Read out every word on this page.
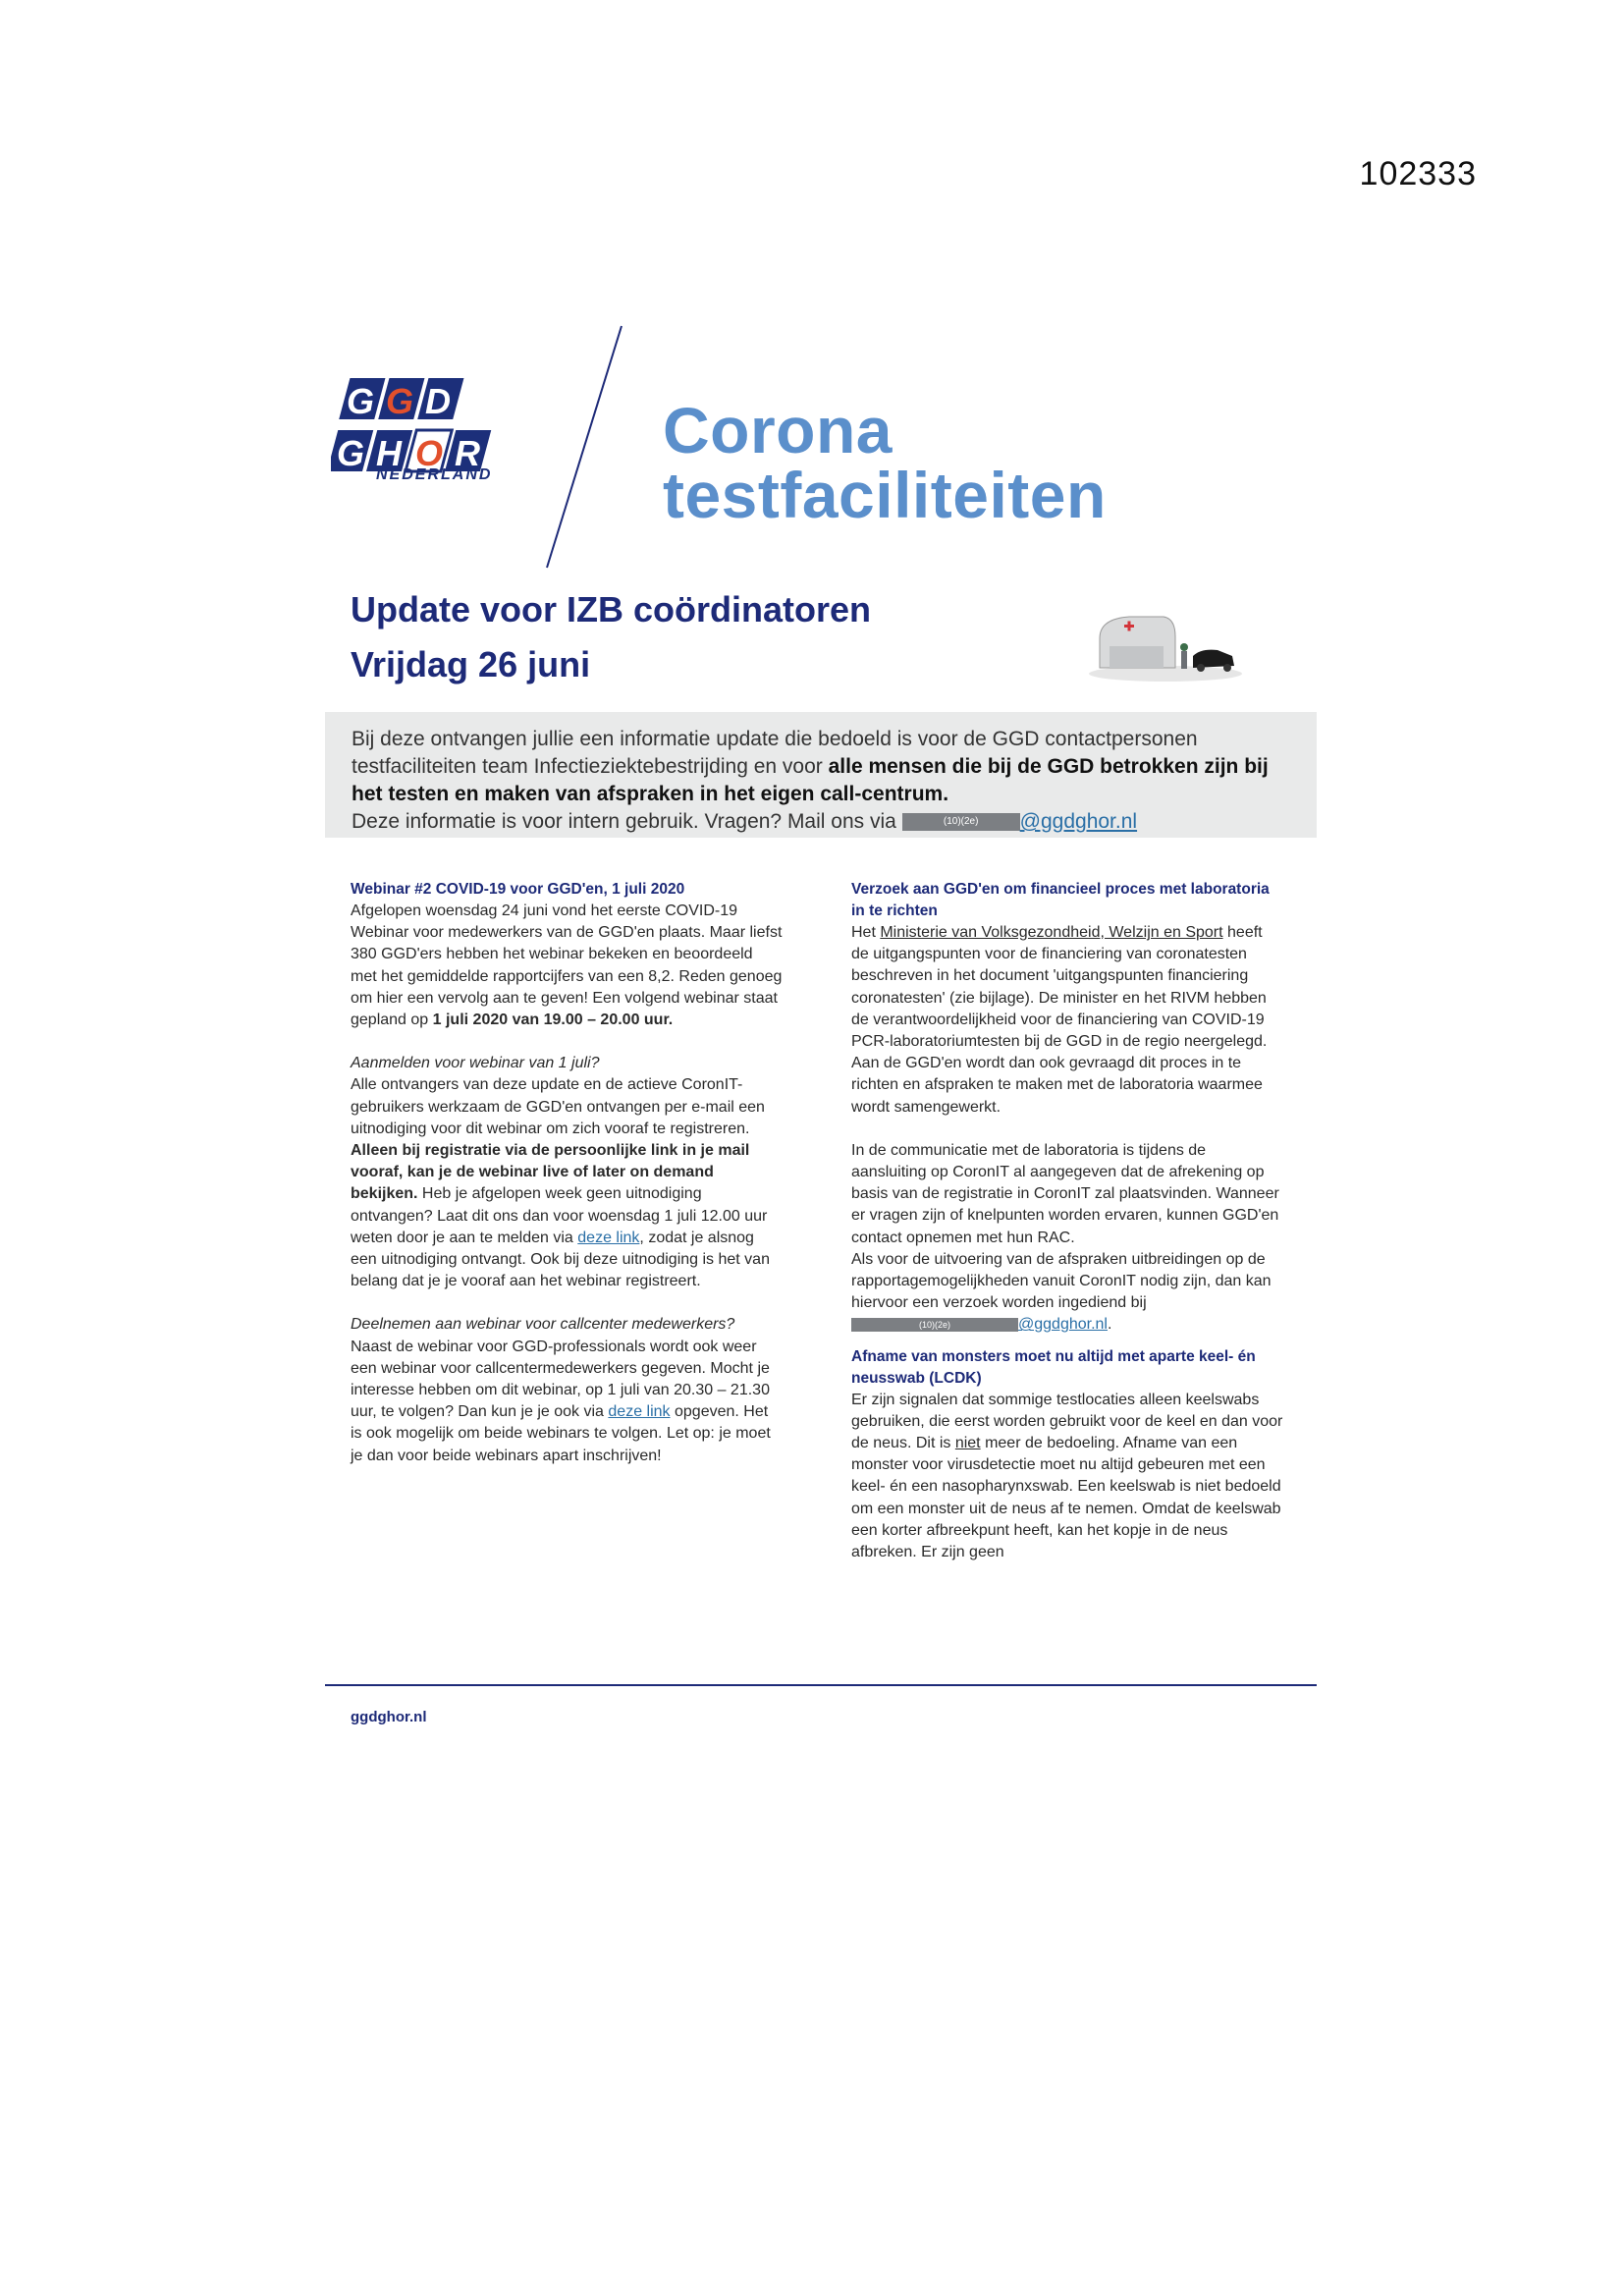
102333
G G D
G H O R
NEDERLAND
Corona
testfaciliteiten
Update voor IZB coördinatoren
Vrijdag 26 juni
Bij deze ontvangen jullie een informatie update die bedoeld is voor de GGD contactpersonen testfaciliteiten team Infectieziektebestrijding en voor alle mensen die bij de GGD betrokken zijn bij het testen en maken van afspraken in het eigen call-centrum.
Deze informatie is voor intern gebruik. Vragen? Mail ons via	(10)(2e) @ggdghor.nl
Webinar #2 COVID-19 voor GGD'en, 1 juli 2020

Afgelopen woensdag 24 juni vond het eerste COVID-19 Webinar voor medewerkers van de GGD'en plaats. Maar liefst 380 GGD'ers hebben het webinar bekeken en beoordeeld met het gemiddelde rapportcijfers van een 8,2. Reden genoeg om hier een vervolg aan te geven! Een volgend webinar staat gepland op 1 juli 2020 van 19.00 – 20.00 uur.

Aanmelden voor webinar van 1 juli?

Alle ontvangers van deze update en de actieve CoronIT-gebruikers werkzaam de GGD'en ontvangen per e-mail een uitnodiging voor dit webinar om zich vooraf te registreren. Alleen bij registratie via de persoonlijke link in je mail vooraf, kan je de webinar live of later on demand bekijken. Heb je afgelopen week geen uitnodiging ontvangen? Laat dit ons dan voor woensdag 1 juli 12.00 uur weten door je aan te melden via deze link, zodat je alsnog een uitnodiging ontvangt. Ook bij deze uitnodiging is het van belang dat je je vooraf aan het webinar registreert.

Deelnemen aan webinar voor callcenter medewerkers?

Naast de webinar voor GGD-professionals wordt ook weer een webinar voor callcentermedewerkers gegeven. Mocht je interesse hebben om dit webinar, op 1 juli van 20.30 – 21.30 uur, te volgen? Dan kun je je ook via deze link opgeven. Het is ook mogelijk om beide webinars te volgen. Let op: je moet je dan voor beide webinars apart inschrijven!

Verzoek aan GGD'en om financieel proces met laboratoria in te richten

Het Ministerie van Volksgezondheid, Welzijn en Sport heeft de uitgangspunten voor de financiering van coronatesten beschreven in het document 'uitgangspunten financiering coronatesten' (zie bijlage). De minister en het RIVM hebben de verantwoordelijkheid voor de financiering van COVID-19 PCR-laboratoriumtesten bij de GGD in de regio neergelegd. Aan de GGD'en wordt dan ook gevraagd dit proces in te richten en afspraken te maken met de laboratoria waarmee wordt samengewerkt.

In de communicatie met de laboratoria is tijdens de aansluiting op CoronIT al aangegeven dat de afrekening op basis van de registratie in CoronIT zal plaatsvinden. Wanneer er vragen zijn of knelpunten worden ervaren, kunnen GGD'en contact opnemen met hun RAC.

Als voor de uitvoering van de afspraken uitbreidingen op de rapportagemogelijkheden vanuit CoronIT nodig zijn, dan kan hiervoor een verzoek worden ingediend bij (10)(2e)	@ggdghor.nl.

Afname van monsters moet nu altijd met aparte keel- én neusswab (LCDK)

Er zijn signalen dat sommige testlocaties alleen keelswabs gebruiken, die eerst worden gebruikt voor de keel en dan voor de neus. Dit is niet meer de bedoeling. Afname van een monster voor virusdetectie moet nu altijd gebeuren met een keel- én een nasopharynxswab. Een keelswab is niet bedoeld om een monster uit de neus af te nemen. Omdat de keelswab een korter afbreekpunt heeft, kan het kopje in de neus afbreken. Er zijn geen

ggdghor.nl
